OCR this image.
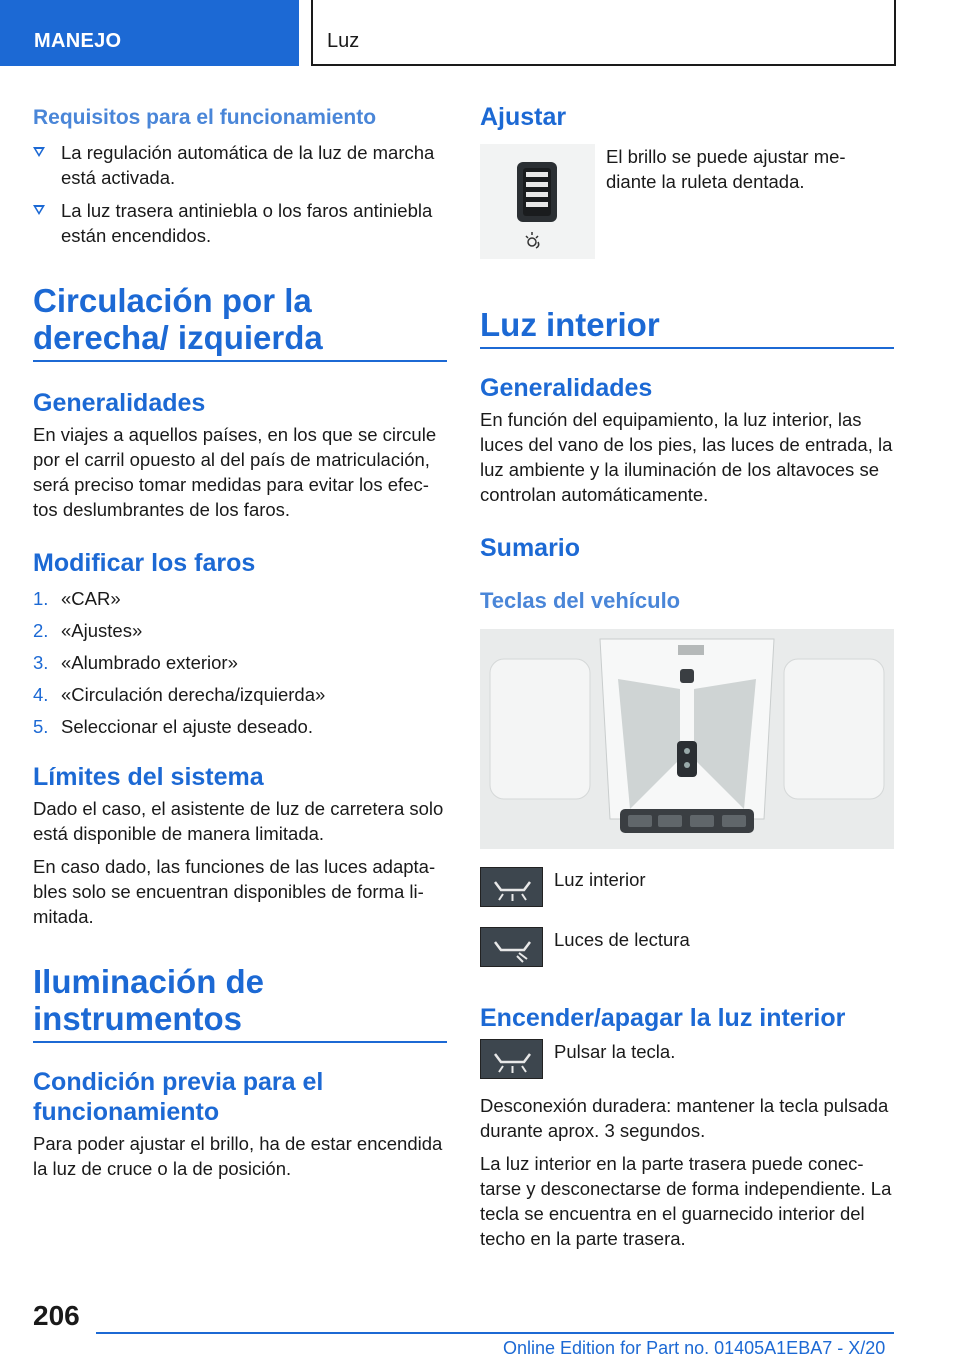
MANEJO	Luz
Requisitos para el funcionamiento
La regulación automática de la luz de marcha está activada.
La luz trasera antiniebla o los faros antiniebla están encendidos.
Circulación por la derecha/ izquierda
Generalidades
En viajes a aquellos países, en los que se circule por el carril opuesto al del país de matriculación, será preciso tomar medidas para evitar los efec- tos deslumbrantes de los faros.
Modificar los faros
1. «CAR»
2. «Ajustes»
3. «Alumbrado exterior»
4. «Circulación derecha/izquierda»
5. Seleccionar el ajuste deseado.
Límites del sistema
Dado el caso, el asistente de luz de carretera solo está disponible de manera limitada.
En caso dado, las funciones de las luces adapta- bles solo se encuentran disponibles de forma li- mitada.
Iluminación de instrumentos
Condición previa para el funcionamiento
Para poder ajustar el brillo, ha de estar encendida la luz de cruce o la de posición.
Ajustar
El brillo se puede ajustar me- diante la ruleta dentada.
Luz interior
Generalidades
En función del equipamiento, la luz interior, las luces del vano de los pies, las luces de entrada, la luz ambiente y la iluminación de los altavoces se controlan automáticamente.
Sumario
Teclas del vehículo
Luz interior
Luces de lectura
Encender/apagar la luz interior
Pulsar la tecla.
Desconexión duradera: mantener la tecla pulsada durante aprox. 3 segundos.
La luz interior en la parte trasera puede conec- tarse y desconectarse de forma independiente. La tecla se encuentra en el guarnecido interior del techo en la parte trasera.
206
Online Edition for Part no. 01405A1EBA7 - X/20
